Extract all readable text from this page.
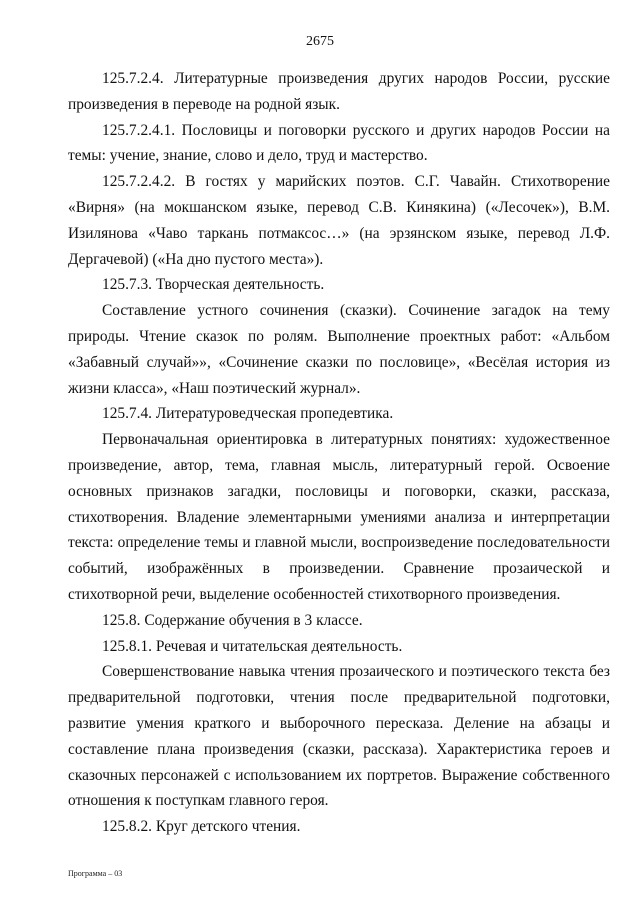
2675

125.7.2.4. Литературные произведения других народов России, русские произведения в переводе на родной язык.

125.7.2.4.1. Пословицы и поговорки русского и других народов России на темы: учение, знание, слово и дело, труд и мастерство.

125.7.2.4.2. В гостях у марийских поэтов. С.Г. Чавайн. Стихотворение «Вирня» (на мокшанском языке, перевод С.В. Кинякина) («Лесочек»), В.М. Изилянова «Чаво таркань потмаксос…» (на эрзянском языке, перевод Л.Ф. Дергачевой) («На дно пустого места»).

125.7.3. Творческая деятельность.

Составление устного сочинения (сказки). Сочинение загадок на тему природы. Чтение сказок по ролям. Выполнение проектных работ: «Альбом «Забавный случай»», «Сочинение сказки по пословице», «Весёлая история из жизни класса», «Наш поэтический журнал».

125.7.4. Литературоведческая пропедевтика.

Первоначальная ориентировка в литературных понятиях: художественное произведение, автор, тема, главная мысль, литературный герой. Освоение основных признаков загадки, пословицы и поговорки, сказки, рассказа, стихотворения. Владение элементарными умениями анализа и интерпретации текста: определение темы и главной мысли, воспроизведение последовательности событий, изображённых в произведении. Сравнение прозаической и стихотворной речи, выделение особенностей стихотворного произведения.

125.8. Содержание обучения в 3 классе.

125.8.1. Речевая и читательская деятельность.

Совершенствование навыка чтения прозаического и поэтического текста без предварительной подготовки, чтения после предварительной подготовки, развитие умения краткого и выборочного пересказа. Деление на абзацы и составление плана произведения (сказки, рассказа). Характеристика героев и сказочных персонажей с использованием их портретов. Выражение собственного отношения к поступкам главного героя.

125.8.2. Круг детского чтения.

Программа – 03
